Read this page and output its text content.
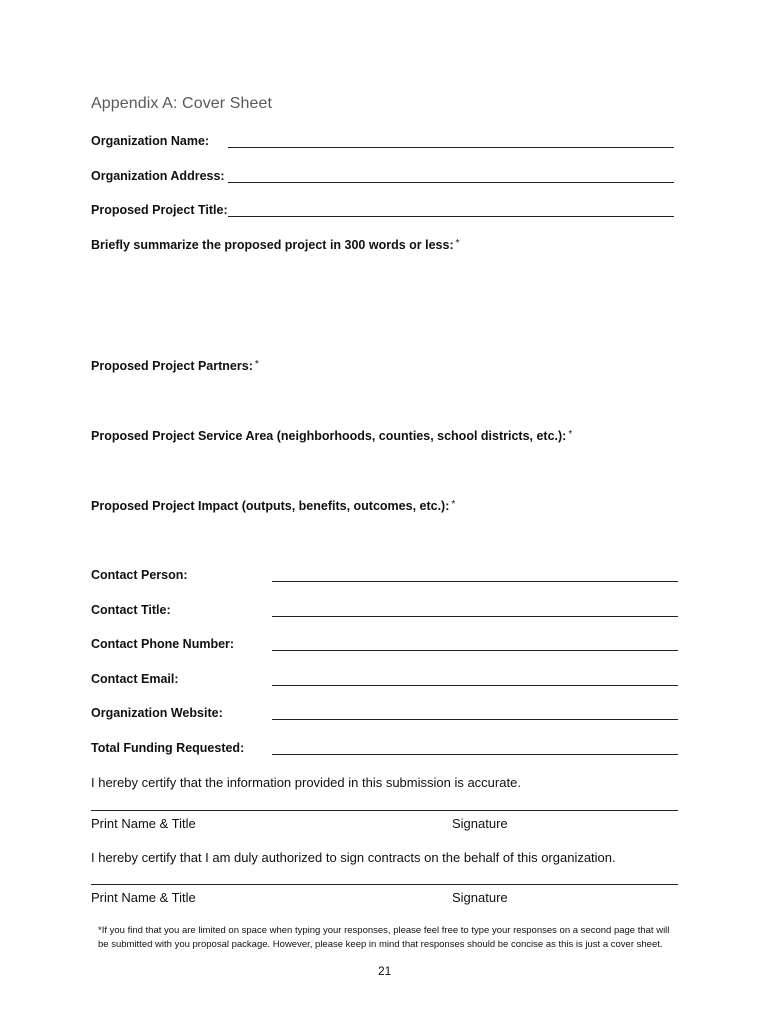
Appendix A: Cover Sheet
Organization Name:
Organization Address:
Proposed Project Title:
Briefly summarize the proposed project in 300 words or less: *
Proposed Project Partners: *
Proposed Project Service Area (neighborhoods, counties, school districts, etc.): *
Proposed Project Impact (outputs, benefits, outcomes, etc.): *
Contact Person:
Contact Title:
Contact Phone Number:
Contact Email:
Organization Website:
Total Funding Requested:
I hereby certify that the information provided in this submission is accurate.
Print Name & Title	Signature
I hereby certify that I am duly authorized to sign contracts on the behalf of this organization.
Print Name & Title	Signature
*If you find that you are limited on space when typing your responses, please feel free to type your responses on a second page that will be submitted with you proposal package. However, please keep in mind that responses should be concise as this is just a cover sheet.
21
